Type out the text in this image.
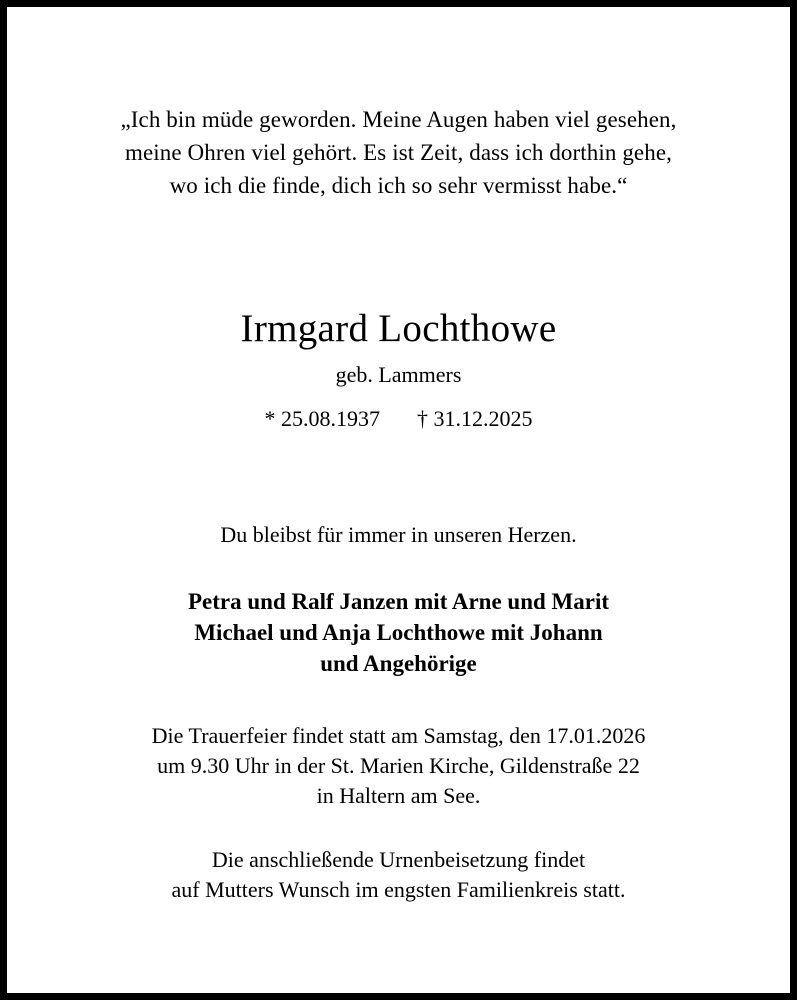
„Ich bin müde geworden. Meine Augen haben viel gesehen,
meine Ohren viel gehört. Es ist Zeit, dass ich dorthin gehe,
wo ich die finde, dich ich so sehr vermisst habe.“
Irmgard Lochthowe
geb. Lammers
* 25.08.1937 † 31.12.2025
Du bleibst für immer in unseren Herzen.
Petra und Ralf Janzen mit Arne und Marit
Michael und Anja Lochthowe mit Johann
und Angehörige
Die Trauerfeier findet statt am Samstag, den 17.01.2026
um 9.30 Uhr in der St. Marien Kirche, Gildenstraße 22
in Haltern am See.
Die anschließende Urnenbeisetzung findet
auf Mutters Wunsch im engsten Familienkreis statt.
